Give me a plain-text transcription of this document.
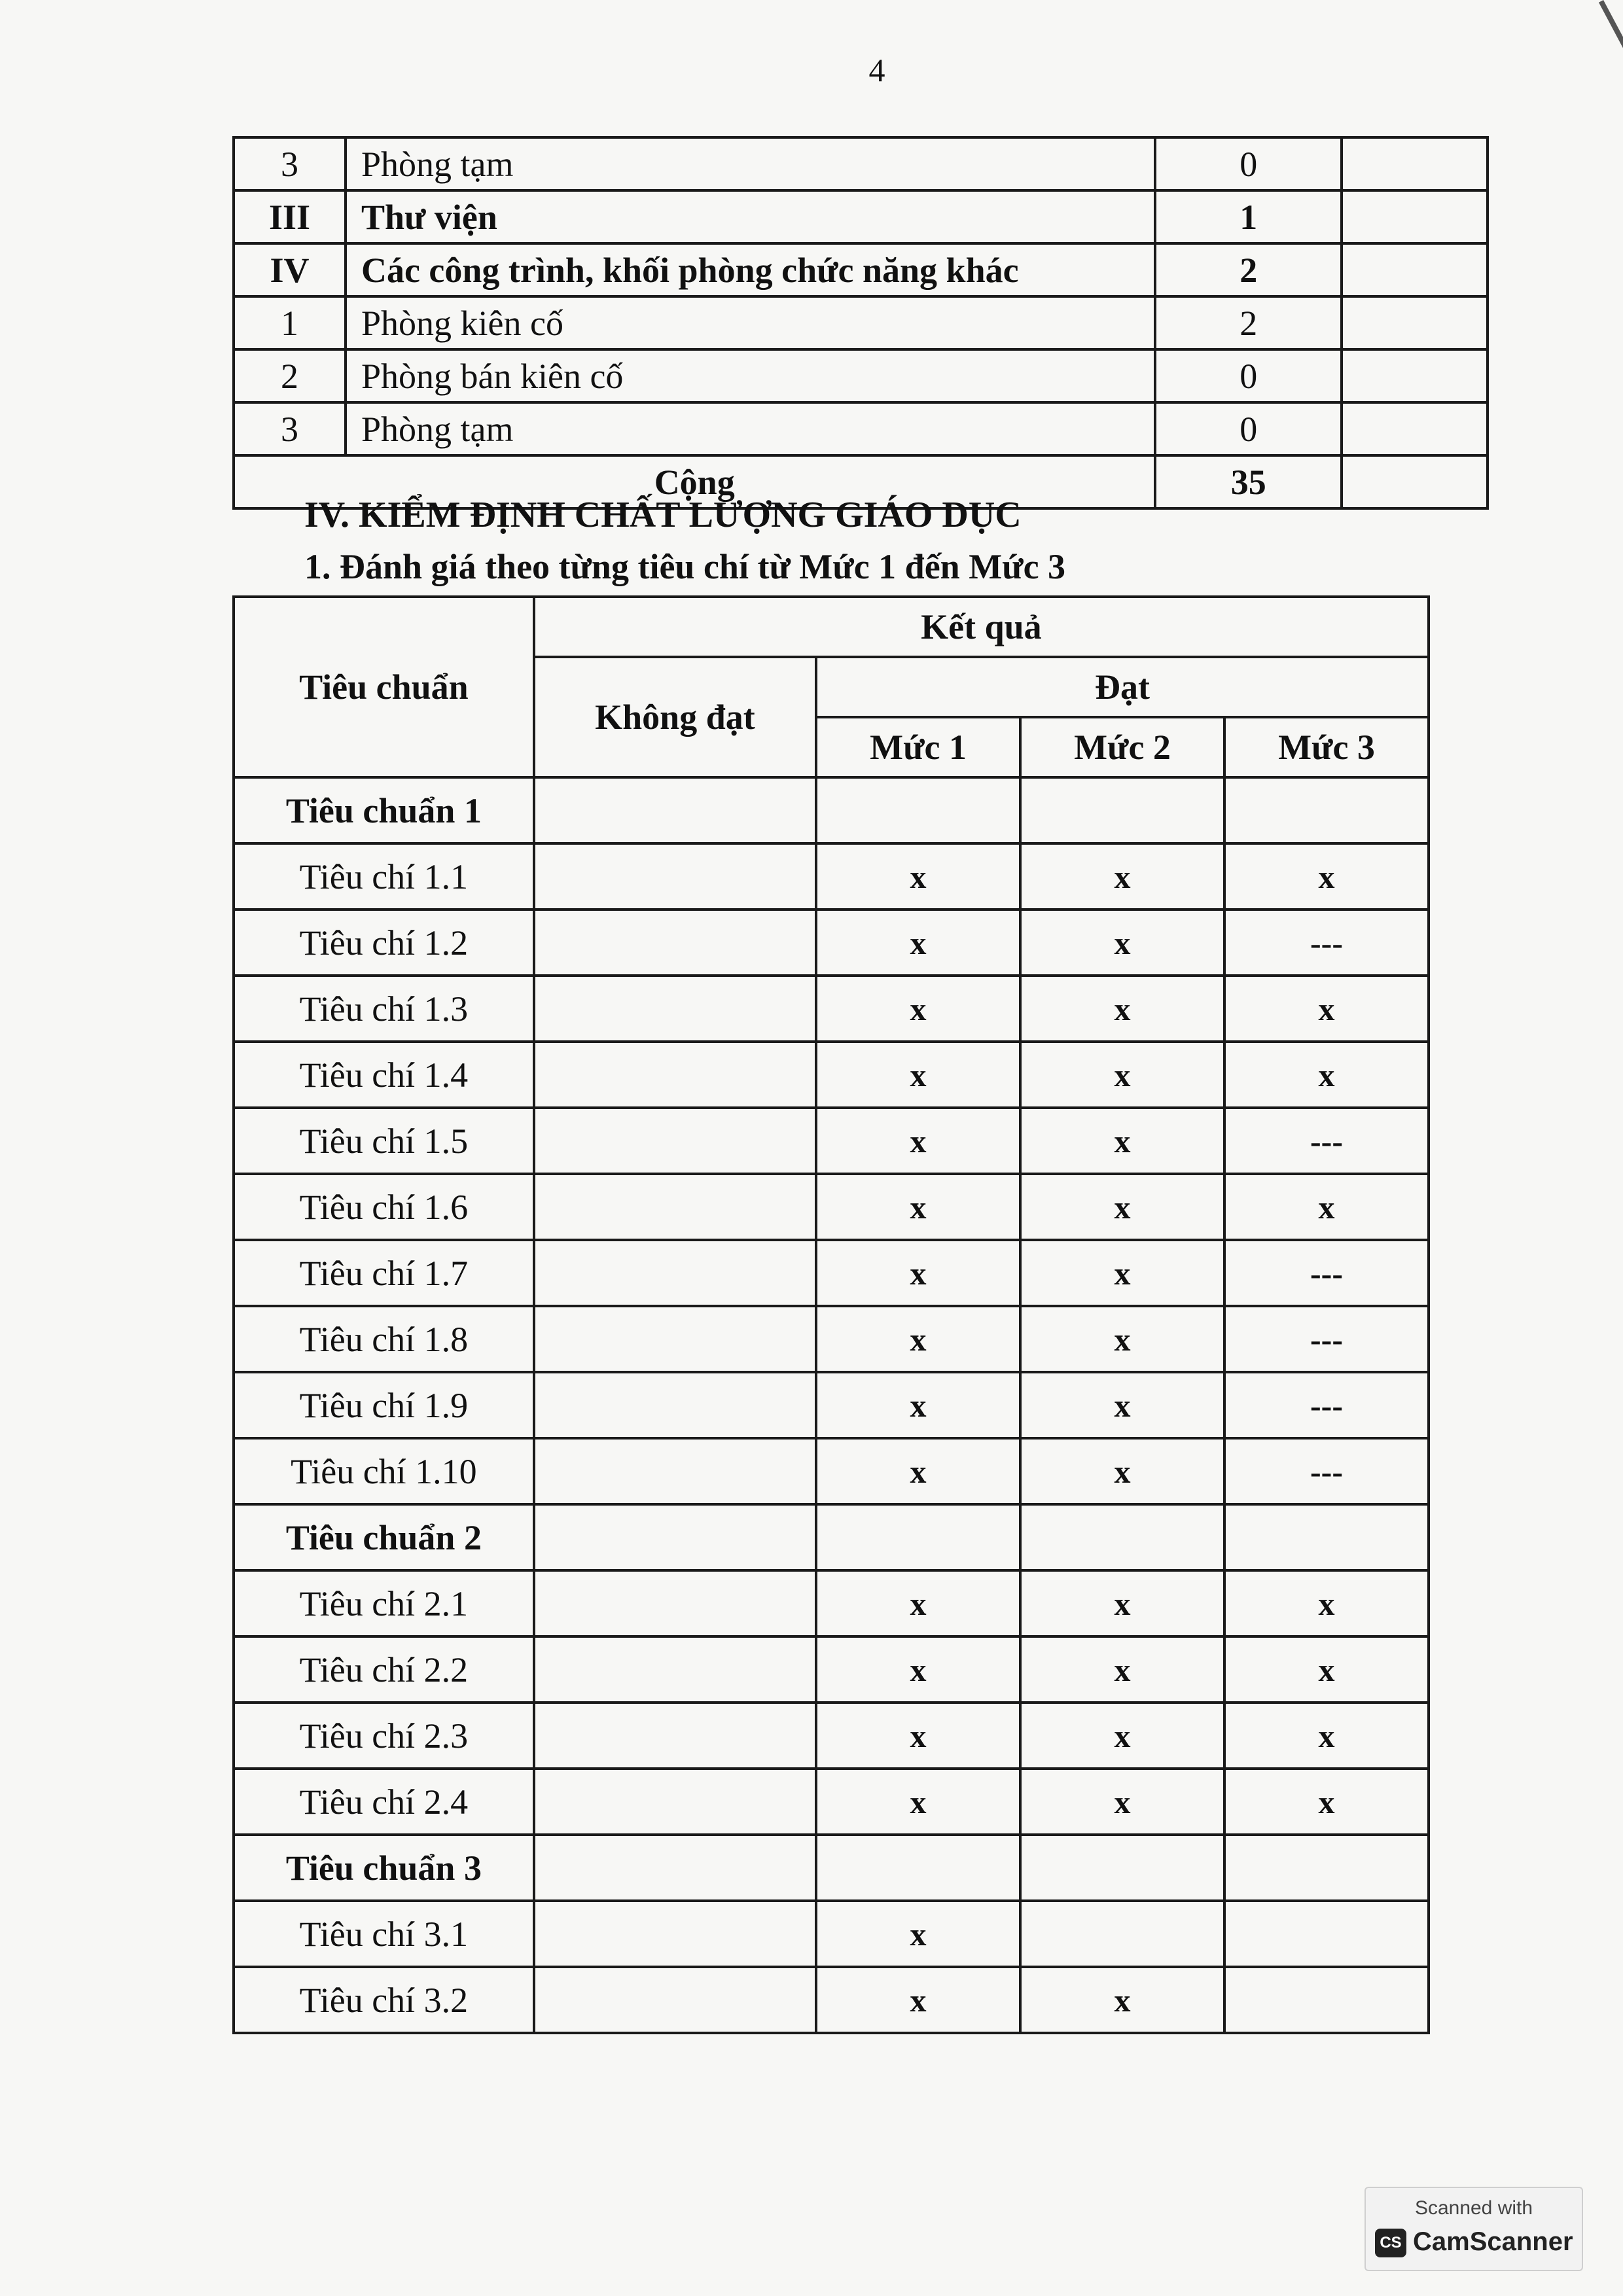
4
3	Phòng tạm	0	
III	Thư viện	1	
IV	Các công trình, khối phòng chức năng khác	2	
1	Phòng kiên cố	2	
2	Phòng bán kiên cố	0	
3	Phòng tạm	0	
Cộng		35	
IV. KIỂM ĐỊNH CHẤT LƯỢNG GIÁO DỤC
1. Đánh giá theo từng tiêu chí từ Mức 1 đến Mức 3
Tiêu chuẩn	Kết quả			
	Không đạt	Đạt		
		Mức 1	Mức 2	Mức 3
Tiêu chuẩn 1				
Tiêu chí 1.1		x	x	x
Tiêu chí 1.2		x	x	---
Tiêu chí 1.3		x	x	x
Tiêu chí 1.4		x	x	x
Tiêu chí 1.5		x	x	---
Tiêu chí 1.6		x	x	x
Tiêu chí 1.7		x	x	---
Tiêu chí 1.8		x	x	---
Tiêu chí 1.9		x	x	---
Tiêu chí 1.10		x	x	---
Tiêu chuẩn 2				
Tiêu chí 2.1		x	x	x
Tiêu chí 2.2		x	x	x
Tiêu chí 2.3		x	x	x
Tiêu chí 2.4		x	x	x
Tiêu chuẩn 3				
Tiêu chí 3.1		x		
Tiêu chí 3.2		x	x	
Scanned with
CS CamScanner
